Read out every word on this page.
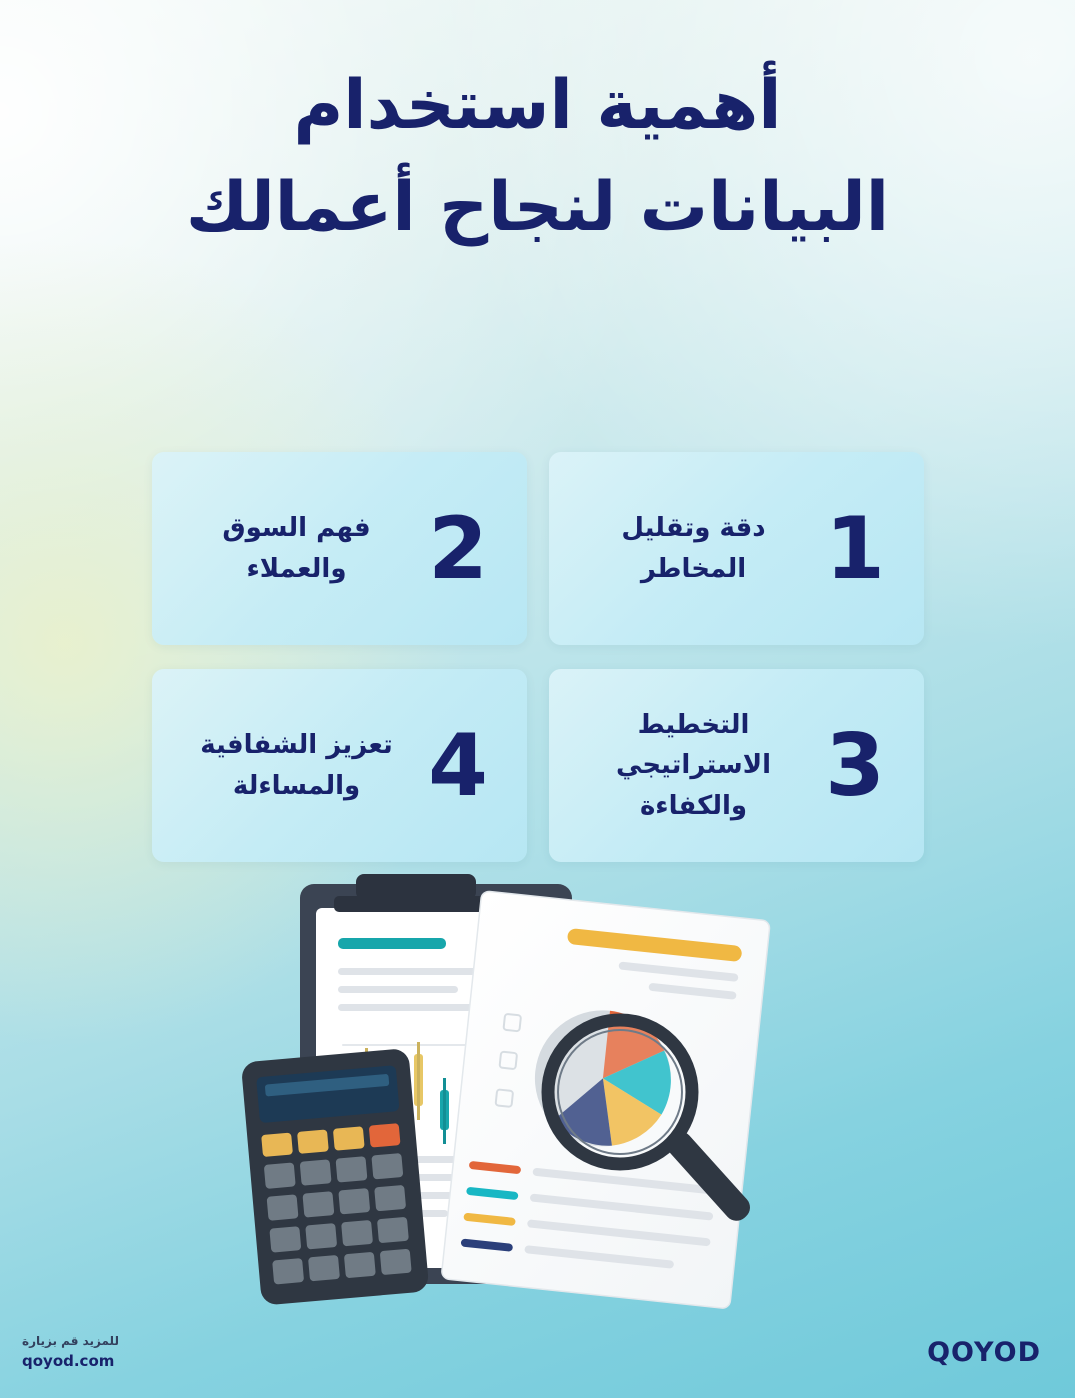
أهمية استخدام
البيانات لنجاح أعمالك
1
دقة وتقليل المخاطر
2
فهم السوق والعملاء
3
التخطيط الاستراتيجي والكفاءة
4
تعزيز الشفافية والمساءلة
للمزيد قم بزيارة
qoyod.com	QOYOD
